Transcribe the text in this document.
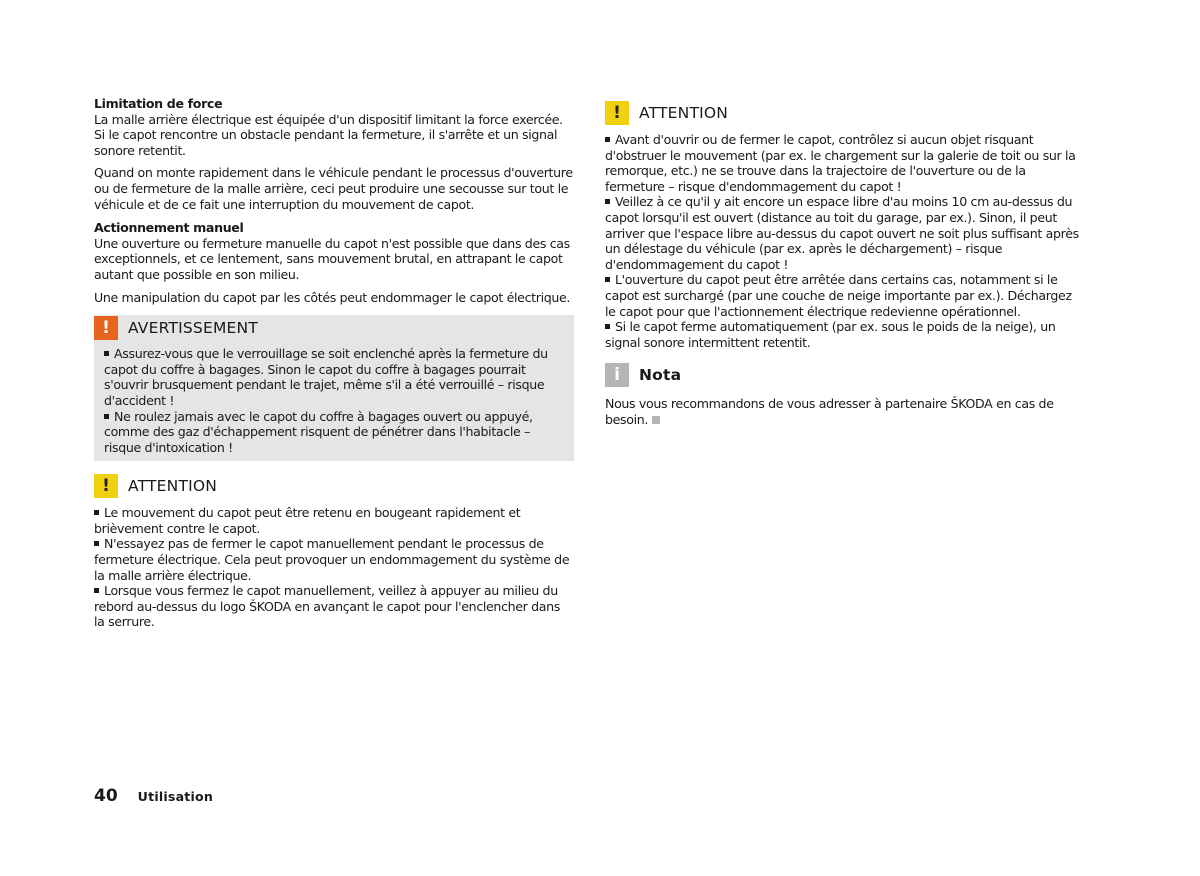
Limitation de force
La malle arrière électrique est équipée d'un dispositif limitant la force exercée. Si le capot rencontre un obstacle pendant la fermeture, il s'arrête et un signal sonore retentit.

Quand on monte rapidement dans le véhicule pendant le processus d'ouverture ou de fermeture de la malle arrière, ceci peut produire une secousse sur tout le véhicule et de ce fait une interruption du mouvement de capot.

Actionnement manuel
Une ouverture ou fermeture manuelle du capot n'est possible que dans des cas exceptionnels, et ce lentement, sans mouvement brutal, en attrapant le capot autant que possible en son milieu.

Une manipulation du capot par les côtés peut endommager le capot électrique.

!	AVERTISSEMENT

Assurez-vous que le verrouillage se soit enclenché après la fermeture du capot du coffre à bagages. Sinon le capot du coffre à bagages pourrait s'ouvrir brusquement pendant le trajet, même s'il a été verrouillé – risque d'accident !

Ne roulez jamais avec le capot du coffre à bagages ouvert ou appuyé, comme des gaz d'échappement risquent de pénétrer dans l'habitacle – risque d'intoxication !

!	ATTENTION

Le mouvement du capot peut être retenu en bougeant rapidement et brièvement contre le capot.

N'essayez pas de fermer le capot manuellement pendant le processus de fermeture électrique. Cela peut provoquer un endommagement du système de la malle arrière électrique.

Lorsque vous fermez le capot manuellement, veillez à appuyer au milieu du rebord au-dessus du logo ŠKODA en avançant le capot pour l'enclencher dans la serrure.

!	ATTENTION

Avant d'ouvrir ou de fermer le capot, contrôlez si aucun objet risquant d'obstruer le mouvement (par ex. le chargement sur la galerie de toit ou sur la remorque, etc.) ne se trouve dans la trajectoire de l'ouverture ou de la fermeture – risque d'endommagement du capot !

Veillez à ce qu'il y ait encore un espace libre d'au moins 10 cm au-dessus du capot lorsqu'il est ouvert (distance au toit du garage, par ex.). Sinon, il peut arriver que l'espace libre au-dessus du capot ouvert ne soit plus suffisant après un délestage du véhicule (par ex. après le déchargement) – risque d'endommagement du capot !

L'ouverture du capot peut être arrêtée dans certains cas, notamment si le capot est surchargé (par une couche de neige importante par ex.). Déchargez le capot pour que l'actionnement électrique redevienne opérationnel.

Si le capot ferme automatiquement (par ex. sous le poids de la neige), un signal sonore intermittent retentit.

i	Nota

Nous vous recommandons de vous adresser à partenaire ŠKODA en cas de besoin.

40 Utilisation
